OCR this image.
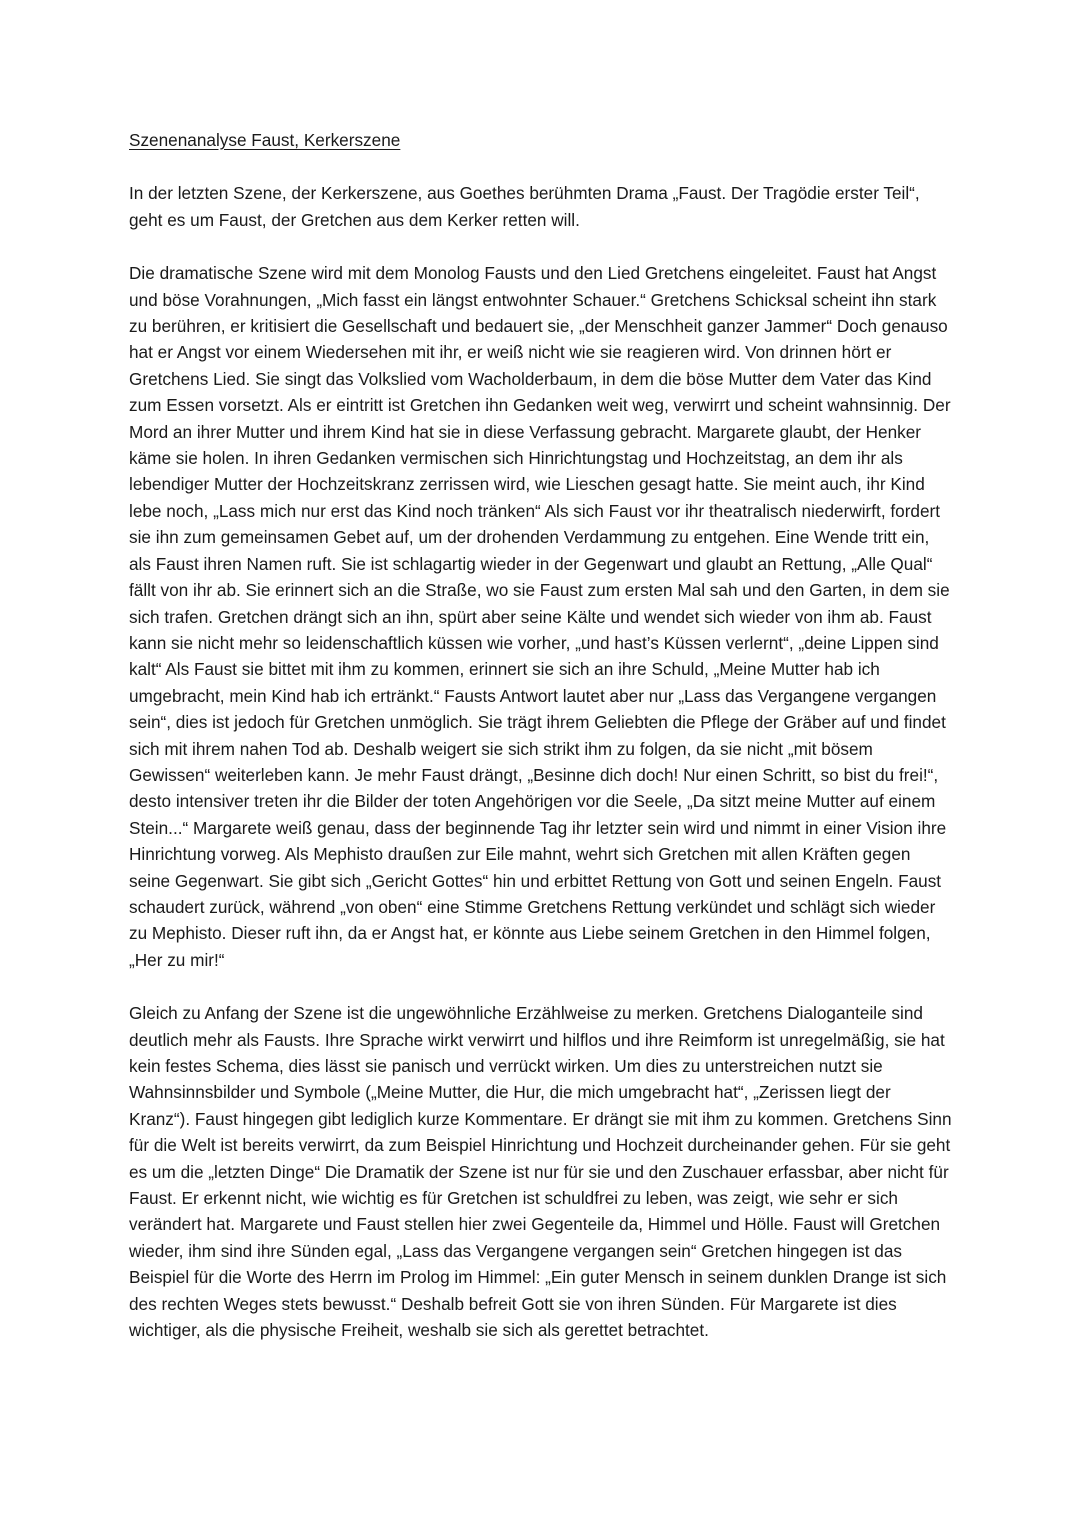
Szenenanalyse Faust, Kerkerszene

In der letzten Szene, der Kerkerszene, aus Goethes berühmten Drama „Faust. Der Tragödie erster Teil“, geht es um Faust, der Gretchen aus dem Kerker retten will.

Die dramatische Szene wird mit dem Monolog Fausts und den Lied Gretchens eingeleitet. Faust hat Angst und böse Vorahnungen, „Mich fasst ein längst entwohnter Schauer.“ Gretchens Schicksal scheint ihn stark zu berühren, er kritisiert die Gesellschaft und bedauert sie, „der Menschheit ganzer Jammer“ Doch genauso hat er Angst vor einem Wiedersehen mit ihr, er weiß nicht wie sie reagieren wird. Von drinnen hört er Gretchens Lied. Sie singt das Volkslied vom Wacholderbaum, in dem die böse Mutter dem Vater das Kind zum Essen vorsetzt. Als er eintritt ist Gretchen ihn Gedanken weit weg, verwirrt und scheint wahnsinnig. Der Mord an ihrer Mutter und ihrem Kind hat sie in diese Verfassung gebracht. Margarete glaubt, der Henker käme sie holen. In ihren Gedanken vermischen sich Hinrichtungstag und Hochzeitstag, an dem ihr als lebendiger Mutter der Hochzeitskranz zerrissen wird, wie Lieschen gesagt hatte. Sie meint auch, ihr Kind lebe noch, „Lass mich nur erst das Kind noch tränken“ Als sich Faust vor ihr theatralisch niederwirft, fordert sie ihn zum gemeinsamen Gebet auf, um der drohenden Verdammung zu entgehen. Eine Wende tritt ein, als Faust ihren Namen ruft. Sie ist schlagartig wieder in der Gegenwart und glaubt an Rettung, „Alle Qual“ fällt von ihr ab. Sie erinnert sich an die Straße, wo sie Faust zum ersten Mal sah und den Garten, in dem sie sich trafen. Gretchen drängt sich an ihn, spürt aber seine Kälte und wendet sich wieder von ihm ab. Faust kann sie nicht mehr so leidenschaftlich küssen wie vorher, „und hast’s Küssen verlernt“, „deine Lippen sind kalt“ Als Faust sie bittet mit ihm zu kommen, erinnert sie sich an ihre Schuld, „Meine Mutter hab ich umgebracht, mein Kind hab ich ertränkt.“ Fausts Antwort lautet aber nur „Lass das Vergangene vergangen sein“, dies ist jedoch für Gretchen unmöglich. Sie trägt ihrem Geliebten die Pflege der Gräber auf und findet sich mit ihrem nahen Tod ab. Deshalb weigert sie sich strikt ihm zu folgen, da sie nicht „mit bösem Gewissen“ weiterleben kann. Je mehr Faust drängt, „Besinne dich doch! Nur einen Schritt, so bist du frei!“, desto intensiver treten ihr die Bilder der toten Angehörigen vor die Seele, „Da sitzt meine Mutter auf einem Stein...“ Margarete weiß genau, dass der beginnende Tag ihr letzter sein wird und nimmt in einer Vision ihre Hinrichtung vorweg. Als Mephisto draußen zur Eile mahnt, wehrt sich Gretchen mit allen Kräften gegen seine Gegenwart. Sie gibt sich „Gericht Gottes“ hin und erbittet Rettung von Gott und seinen Engeln. Faust schaudert zurück, während „von oben“ eine Stimme Gretchens Rettung verkündet und schlägt sich wieder zu Mephisto. Dieser ruft ihn, da er Angst hat, er könnte aus Liebe seinem Gretchen in den Himmel folgen, „Her zu mir!“

Gleich zu Anfang der Szene ist die ungewöhnliche Erzählweise zu merken. Gretchens Dialoganteile sind deutlich mehr als Fausts. Ihre Sprache wirkt verwirrt und hilflos und ihre Reimform ist unregelmäßig, sie hat kein festes Schema, dies lässt sie panisch und verrückt wirken. Um dies zu unterstreichen nutzt sie Wahnsinnsbilder und Symbole („Meine Mutter, die Hur, die mich umgebracht hat“, „Zerissen liegt der Kranz“). Faust hingegen gibt lediglich kurze Kommentare. Er drängt sie mit ihm zu kommen. Gretchens Sinn für die Welt ist bereits verwirrt, da zum Beispiel Hinrichtung und Hochzeit durcheinander gehen. Für sie geht es um die „letzten Dinge“ Die Dramatik der Szene ist nur für sie und den Zuschauer erfassbar, aber nicht für Faust. Er erkennt nicht, wie wichtig es für Gretchen ist schuldfrei zu leben, was zeigt, wie sehr er sich verändert hat. Margarete und Faust stellen hier zwei Gegenteile da, Himmel und Hölle. Faust will Gretchen wieder, ihm sind ihre Sünden egal, „Lass das Vergangene vergangen sein“ Gretchen hingegen ist das Beispiel für die Worte des Herrn im Prolog im Himmel: „Ein guter Mensch in seinem dunklen Drange ist sich des rechten Weges stets bewusst.“ Deshalb befreit Gott sie von ihren Sünden. Für Margarete ist dies wichtiger, als die physische Freiheit, weshalb sie sich als gerettet betrachtet.
